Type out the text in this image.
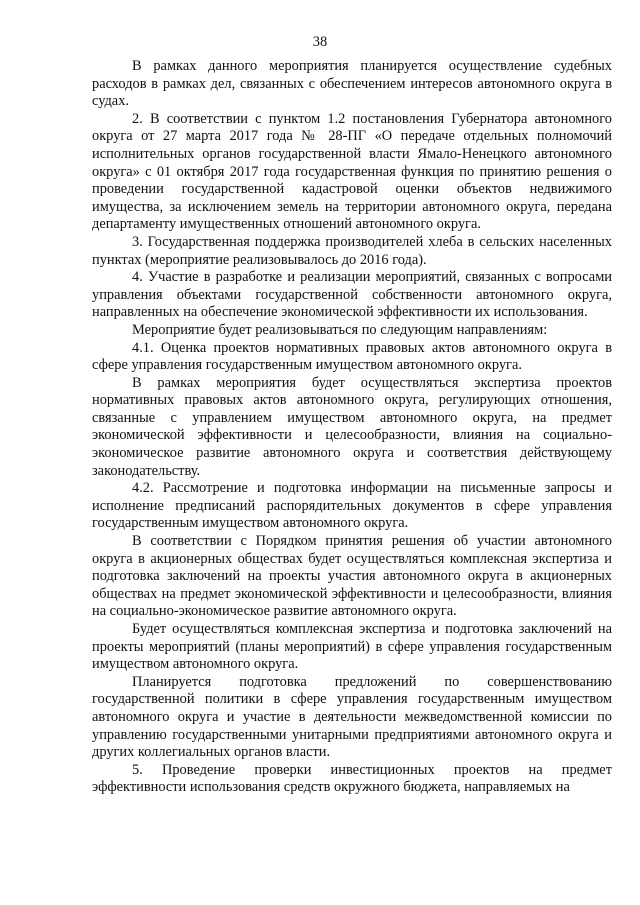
38

В рамках данного мероприятия планируется осуществление судебных расходов в рамках дел, связанных с обеспечением интересов автономного округа в судах.

2. В соответствии с пунктом 1.2 постановления Губернатора автономного округа от 27 марта 2017 года № 28-ПГ «О передаче отдельных полномочий исполнительных органов государственной власти Ямало-Ненецкого автономного округа» с 01 октября 2017 года государственная функция по принятию решения о проведении государственной кадастровой оценки объектов недвижимого имущества, за исключением земель на территории автономного округа, передана департаменту имущественных отношений автономного округа.

3. Государственная поддержка производителей хлеба в сельских населенных пунктах (мероприятие реализовывалось до 2016 года).

4. Участие в разработке и реализации мероприятий, связанных с вопросами управления объектами государственной собственности автономного округа, направленных на обеспечение экономической эффективности их использования.

Мероприятие будет реализовываться по следующим направлениям:

4.1. Оценка проектов нормативных правовых актов автономного округа в сфере управления государственным имуществом автономного округа.

В рамках мероприятия будет осуществляться экспертиза проектов нормативных правовых актов автономного округа, регулирующих отношения, связанные с управлением имуществом автономного округа, на предмет экономической эффективности и целесообразности, влияния на социально-экономическое развитие автономного округа и соответствия действующему законодательству.

4.2. Рассмотрение и подготовка информации на письменные запросы и исполнение предписаний распорядительных документов в сфере управления государственным имуществом автономного округа.

В соответствии с Порядком принятия решения об участии автономного округа в акционерных обществах будет осуществляться комплексная экспертиза и подготовка заключений на проекты участия автономного округа в акционерных обществах на предмет экономической эффективности и целесообразности, влияния на социально-экономическое развитие автономного округа.

Будет осуществляться комплексная экспертиза и подготовка заключений на проекты мероприятий (планы мероприятий) в сфере управления государственным имуществом автономного округа.

Планируется подготовка предложений по совершенствованию государственной политики в сфере управления государственным имуществом автономного округа и участие в деятельности межведомственной комиссии по управлению государственными унитарными предприятиями автономного округа и других коллегиальных органов власти.

5. Проведение проверки инвестиционных проектов на предмет эффективности использования средств окружного бюджета, направляемых на
